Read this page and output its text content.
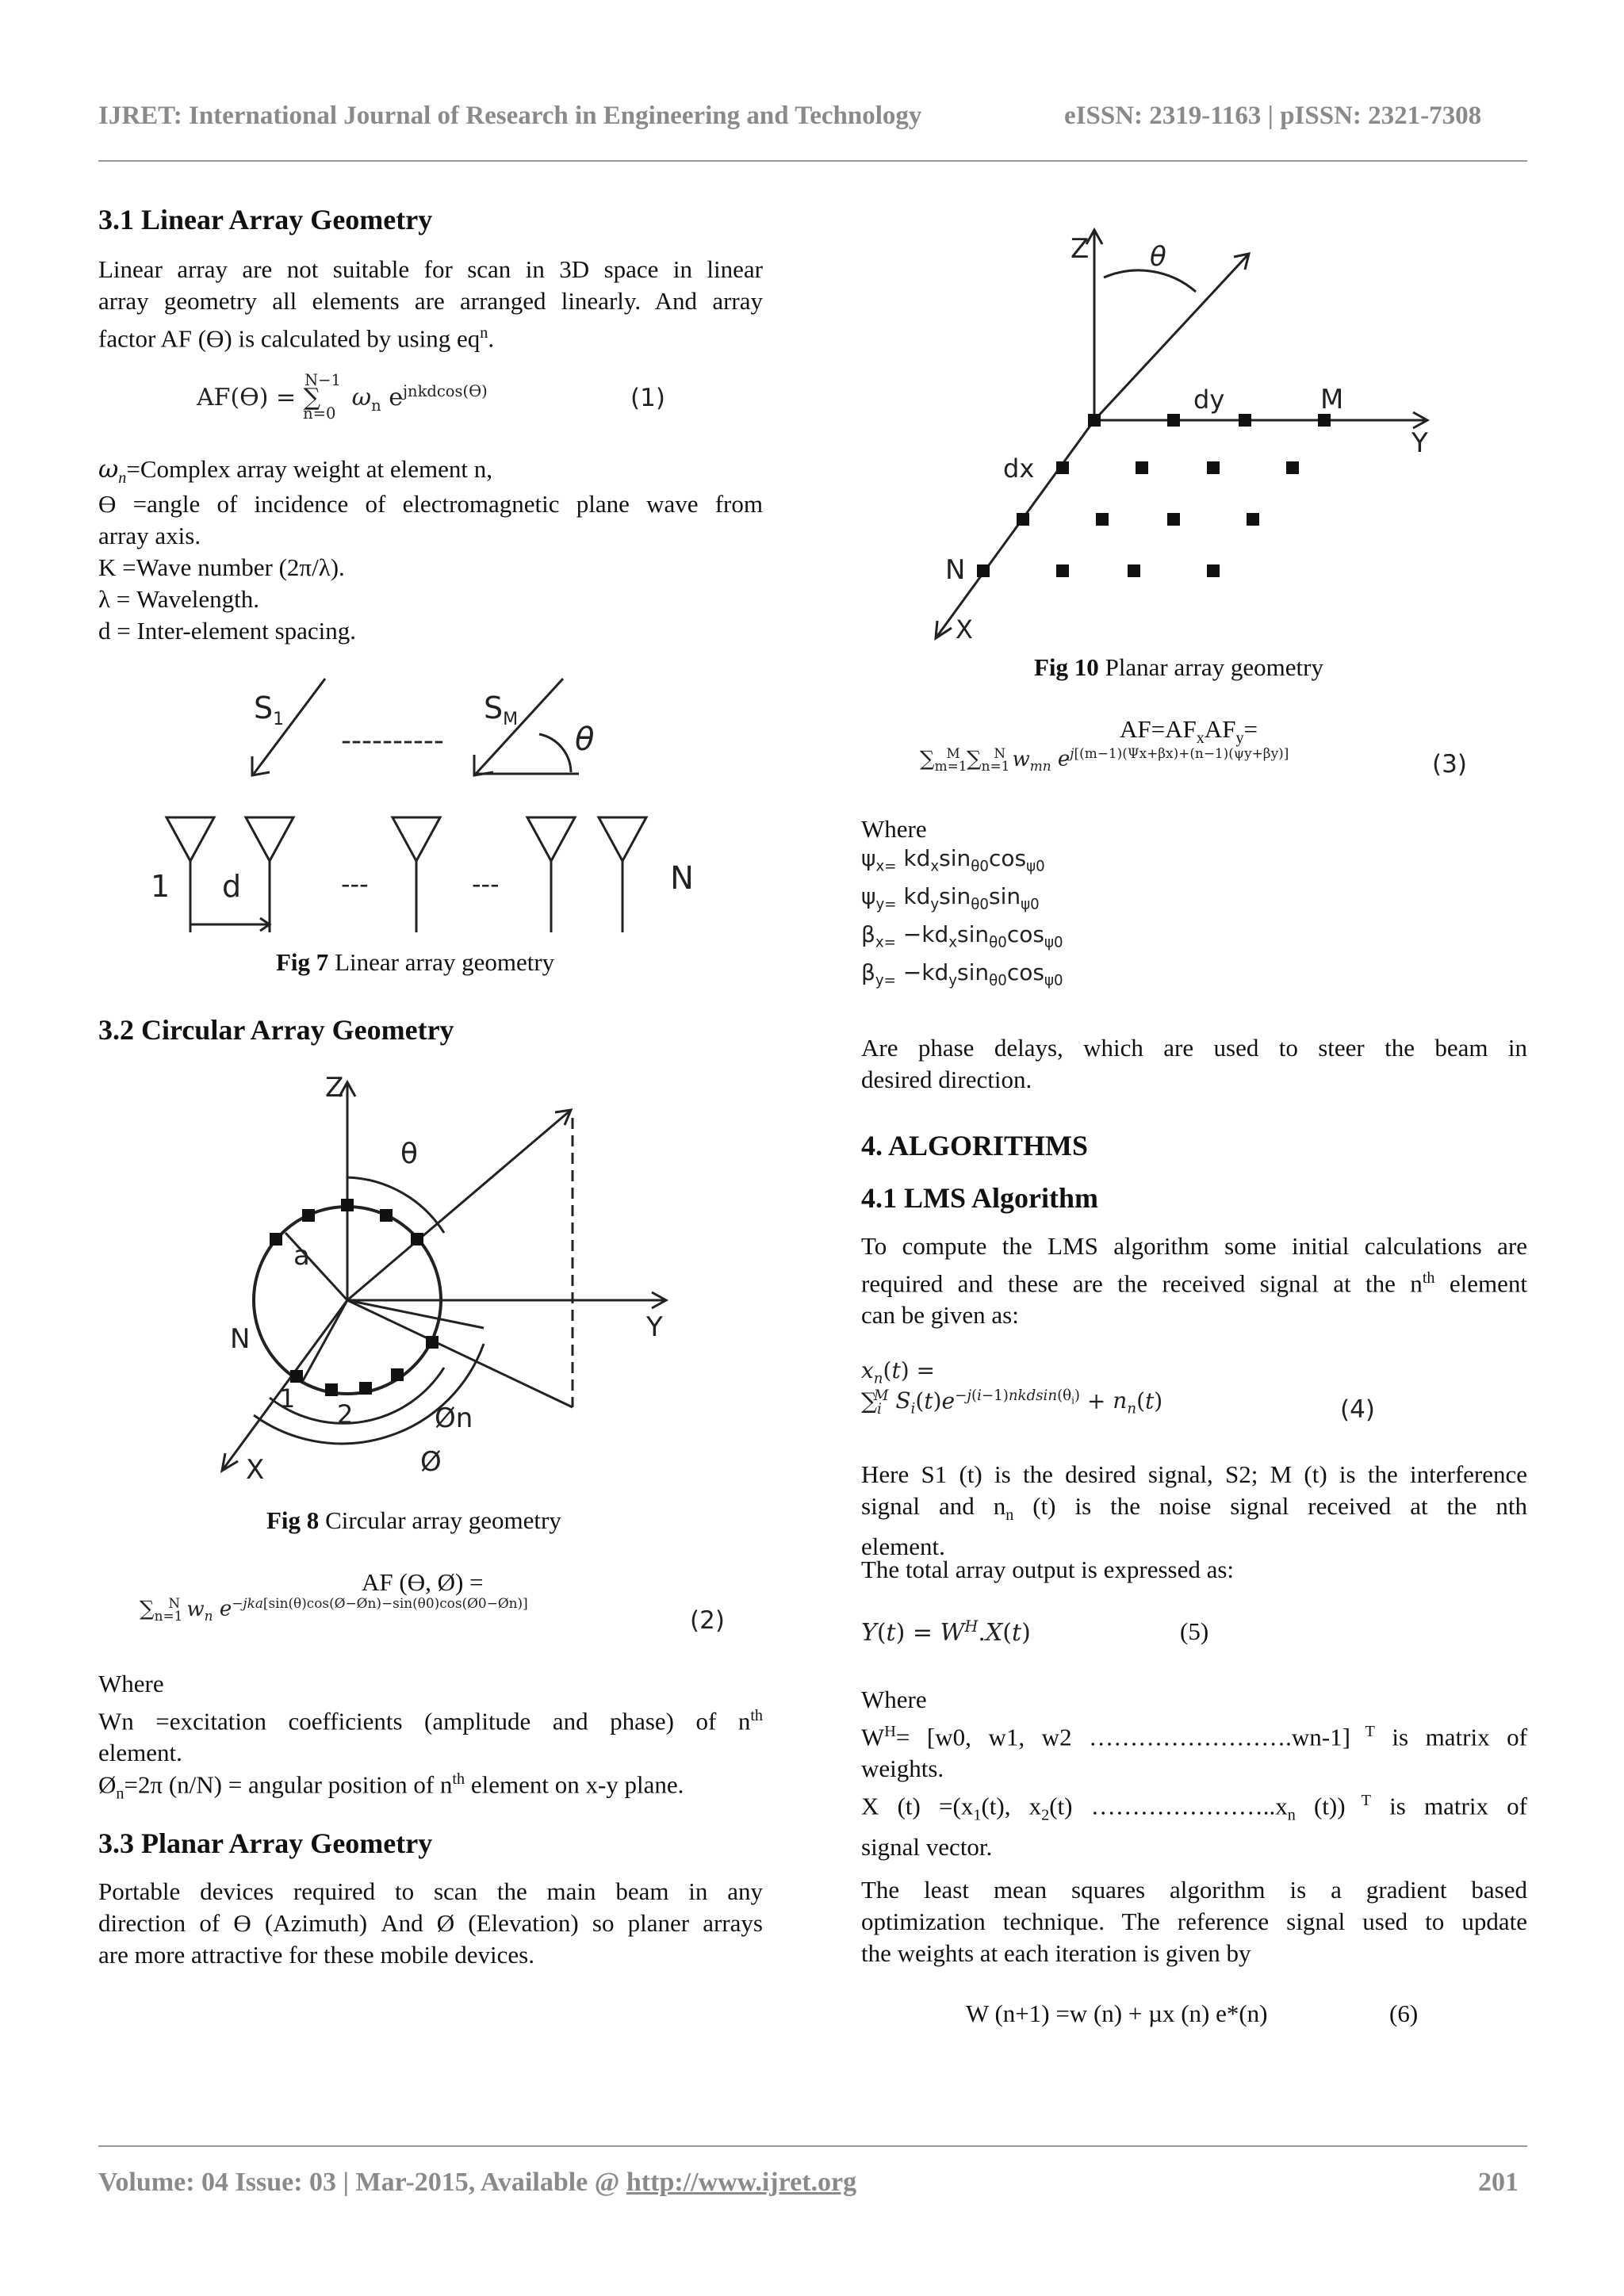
IJRET: International Journal of Research in Engineering and Technology	eISSN: 2319-1163 | pISSN: 2321-7308
3.1 Linear Array Geometry
Linear array are not suitable for scan in 3D space in linear
array geometry all elements are arranged linearly. And array
factor AF (ϴ) is calculated by using $eq^n$.
AF(ϴ) = ∑
N−1
n=0
$\omega_n$ $e^{jnkdcos(ϴ)}$	(1)
$\omega_n=Complex$ array weight at element n,
ϴ =angle of incidence of electromagnetic plane wave from
array axis.
K =Wave number (2π/λ).
λ = Wavelength.
d = Inter-element spacing.
$S_1$	$S_M$
θ
----------
1 d	---	---	N
Fig 7 Linear array geometry
3.2 Circular Array Geometry
Z
Y
X
N
a
θ
1
2	Øn
Ø
Fig 8 Circular array geometry
AF (ϴ, Ø) =
$\sum_{n=1}^N$ $w_n$ $e^{-jka[sin(\theta)cos(Ø-Øn)-sin(\theta 0)cos(Ø0-Øn)]}$
(2)
Where
Wn =excitation coefficients (amplitude and phase) of $n^{th}$
element.
$Ø_n=2\pi$ (n/N) = angular position of $n^{th}$ element on x-y plane.
3.3 Planar Array Geometry
Portable devices required to scan the main beam in any
direction of ϴ (Azimuth) And Ø (Elevation) so planer arrays
are more attractive for these mobile devices.
Z θ
dy	M
Y
dx
N
X
Fig 10 Planar array geometry
$AF=AF_xAF_y=$
$\sum_{m=1}^M$ $\sum_{n=1}^N$ $w_{mn}$ $e^{j[(m-1)(\Psi x+\beta x)+(n-1)(\psi y+\beta y)]}$	(3)
Where
$\psi_{x=}$ $kd_x\sin_{\theta 0}\cos_{\psi 0}$
$\psi_{y=}$ $kd_y\sin_{\theta 0}\sin_{\psi 0}$
$\beta_{x=} -kd_x\sin_{\theta 0}\cos_{\psi 0}$
$\beta_{y=} -kd_y\sin_{\theta 0}\cos_{\psi 0}$
Are phase delays, which are used to steer the beam in
desired direction.
4. ALGORITHMS
4.1 LMS Algorithm
To compute the LMS algorithm some initial calculations are
required and these are the received signal at the $n^{th}$ element
can be given as:
$x_n(t)$ =
$\sum_i^M$ $S_i(t)e^{-j(i-1)nkdsin(\theta_i)} + n_n(t)$	(4)
Here S1 (t) is the desired signal, S2; M (t) is the interference
signal and $n_n$ (t) is the noise signal received at the nth
element.
The total array output is expressed as:
$Y(t) = W^H.X(t)$	(5)
Where
$W^H= [w0$, w1, w2 …………………….wn-1] $^T$ is matrix of
weights.
X $(t) =(x_1(t)$, $x_2(t)$ $\dots\dots\dots\dots\dots\dots\dots..x_n$ (t)) $^T$ is matrix of
signal vector.
The least mean squares algorithm is a gradient based
optimization technique. The reference signal used to update
the weights at each iteration is given by
W (n+1) =w (n) + µx (n) e*(n)	(6)
Volume: 04 Issue: 03 | Mar-2015, Available @ http://www.ijret.org	201
